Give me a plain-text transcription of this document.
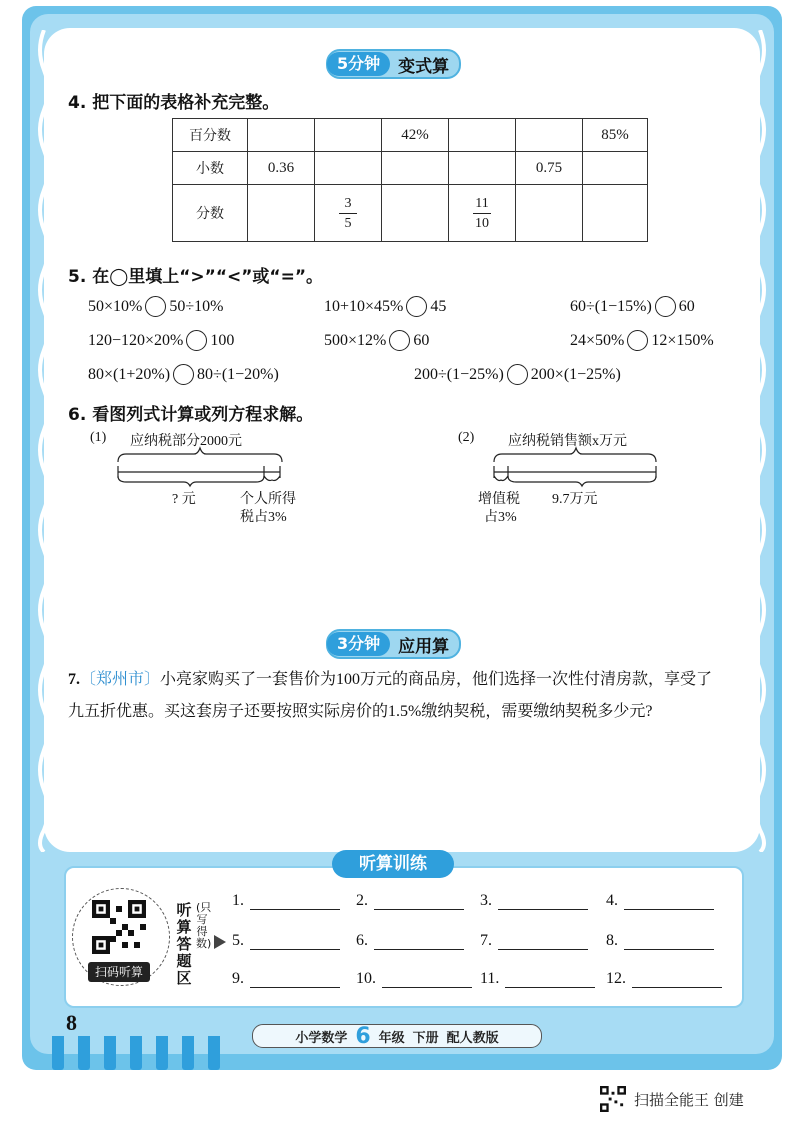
5分钟	变式算
4. 把下面的表格补充完整。
百分数			42%			85%
小数	0.36				0.75	
分数		$\frac{3}{5}$		$\frac{11}{10}$

5. 在◯里填上“>”“<”或“=”。
50×10% 50÷10%	10+10×45% 45	60÷(1−15%) 60
120−120×20% 100	500×12% 60	24×50% 12×150%
80×(1+20%) 80÷(1−20%)	200÷(1−25%) 200×(1−25%)
6. 看图列式计算或列方程求解。
(1) 应纳税部分2000元
? 元	个人所得
税占3%
(2) 应纳税销售额x万元
增值税
占3%
9.7万元
3分钟	应用算
7.〔郑州市〕小亮家购买了一套售价为100万元的商品房，他们选择一次性付清房款，享受了九五折优惠。买这套房子还要按照实际房价的1.5%缴纳契税，需要缴纳契税多少元?
听算训练
扫码听算
听算答题区
(只写得数)
1.	2.	3.	4.
5.	6.	7.	8.
9.	10.	11.	12.
8
小学数学 6 年级 下册 配人教版
扫描全能王 创建
